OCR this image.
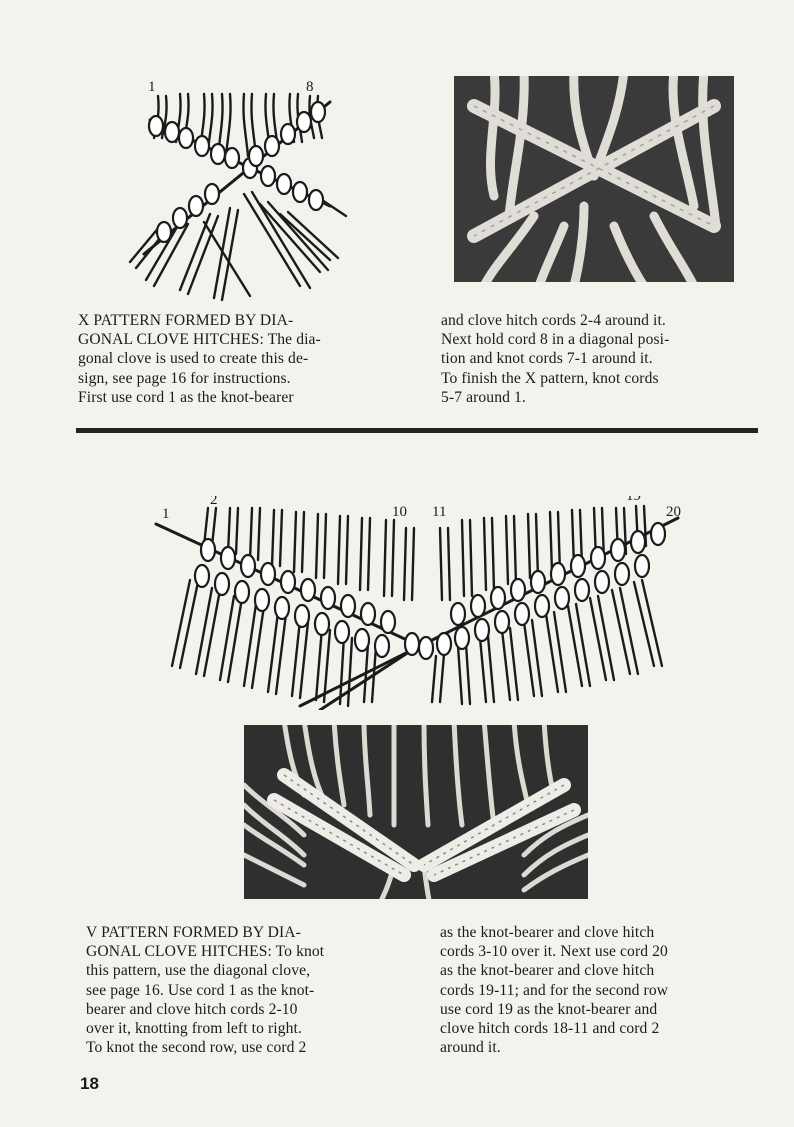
1	8
X PATTERN FORMED BY DIA-
GONAL CLOVE HITCHES: The dia-
gonal clove is used to create this de-
sign, see page 16 for instructions.
First use cord 1 as the knot-bearer
and clove hitch cords 2-4 around it.
Next hold cord 8 in a diagonal posi-
tion and knot cords 7-1 around it.
To finish the X pattern, knot cords
5-7 around 1.
1
2
10 11
19
20
V PATTERN FORMED BY DIA-
GONAL CLOVE HITCHES: To knot
this pattern, use the diagonal clove,
see page 16. Use cord 1 as the knot-
bearer and clove hitch cords 2-10
over it, knotting from left to right.
To knot the second row, use cord 2
as the knot-bearer and clove hitch
cords 3-10 over it. Next use cord 20
as the knot-bearer and clove hitch
cords 19-11; and for the second row
use cord 19 as the knot-bearer and
clove hitch cords 18-11 and cord 2
around it.
18
